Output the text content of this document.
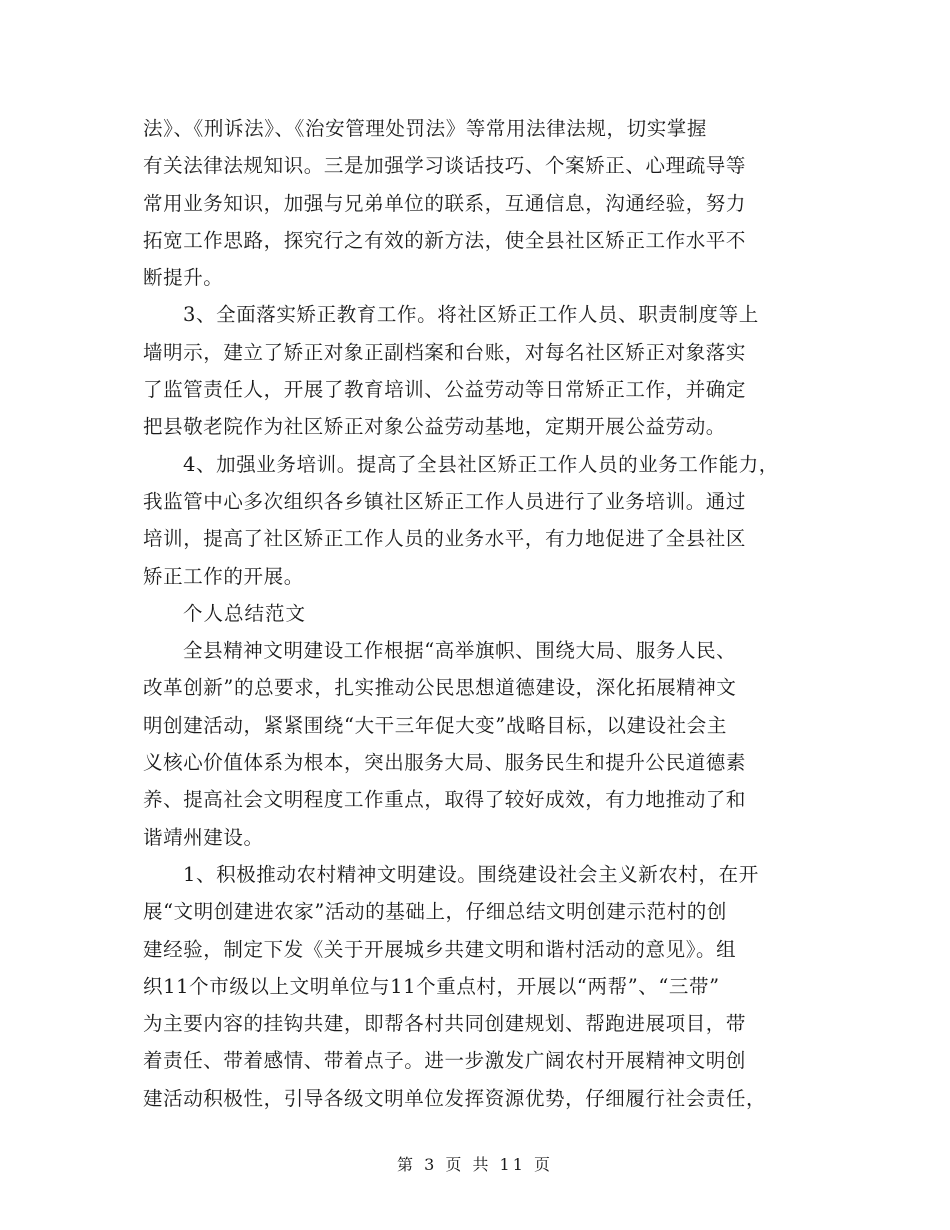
法》、《刑诉法》、《治安管理处罚法》等常用法律法规，切实掌握
有关法律法规知识。三是加强学习谈话技巧、个案矫正、心理疏导等
常用业务知识，加强与兄弟单位的联系，互通信息，沟通经验，努力
拓宽工作思路，探究行之有效的新方法，使全县社区矫正工作水平不
断提升。
3、全面落实矫正教育工作。将社区矫正工作人员、职责制度等上
墙明示，建立了矫正对象正副档案和台账，对每名社区矫正对象落实
了监管责任人，开展了教育培训、公益劳动等日常矫正工作，并确定
把县敬老院作为社区矫正对象公益劳动基地，定期开展公益劳动。
4、加强业务培训。提高了全县社区矫正工作人员的业务工作能力，
我监管中心多次组织各乡镇社区矫正工作人员进行了业务培训。通过
培训，提高了社区矫正工作人员的业务水平，有力地促进了全县社区
矫正工作的开展。
个人总结范文
全县精神文明建设工作根据“高举旗帜、围绕大局、服务人民、
改革创新”的总要求，扎实推动公民思想道德建设，深化拓展精神文
明创建活动，紧紧围绕“大干三年促大变”战略目标，以建设社会主
义核心价值体系为根本，突出服务大局、服务民生和提升公民道德素
养、提高社会文明程度工作重点，取得了较好成效，有力地推动了和
谐靖州建设。
1、积极推动农村精神文明建设。围绕建设社会主义新农村，在开
展“文明创建进农家”活动的基础上，仔细总结文明创建示范村的创
建经验，制定下发《关于开展城乡共建文明和谐村活动的意见》。组
织11个市级以上文明单位与11个重点村，开展以“两帮”、“三带”
为主要内容的挂钩共建，即帮各村共同创建规划、帮跑进展项目，带
着责任、带着感情、带着点子。进一步激发广阔农村开展精神文明创
建活动积极性，引导各级文明单位发挥资源优势，仔细履行社会责任，
第 3 页 共 11 页
